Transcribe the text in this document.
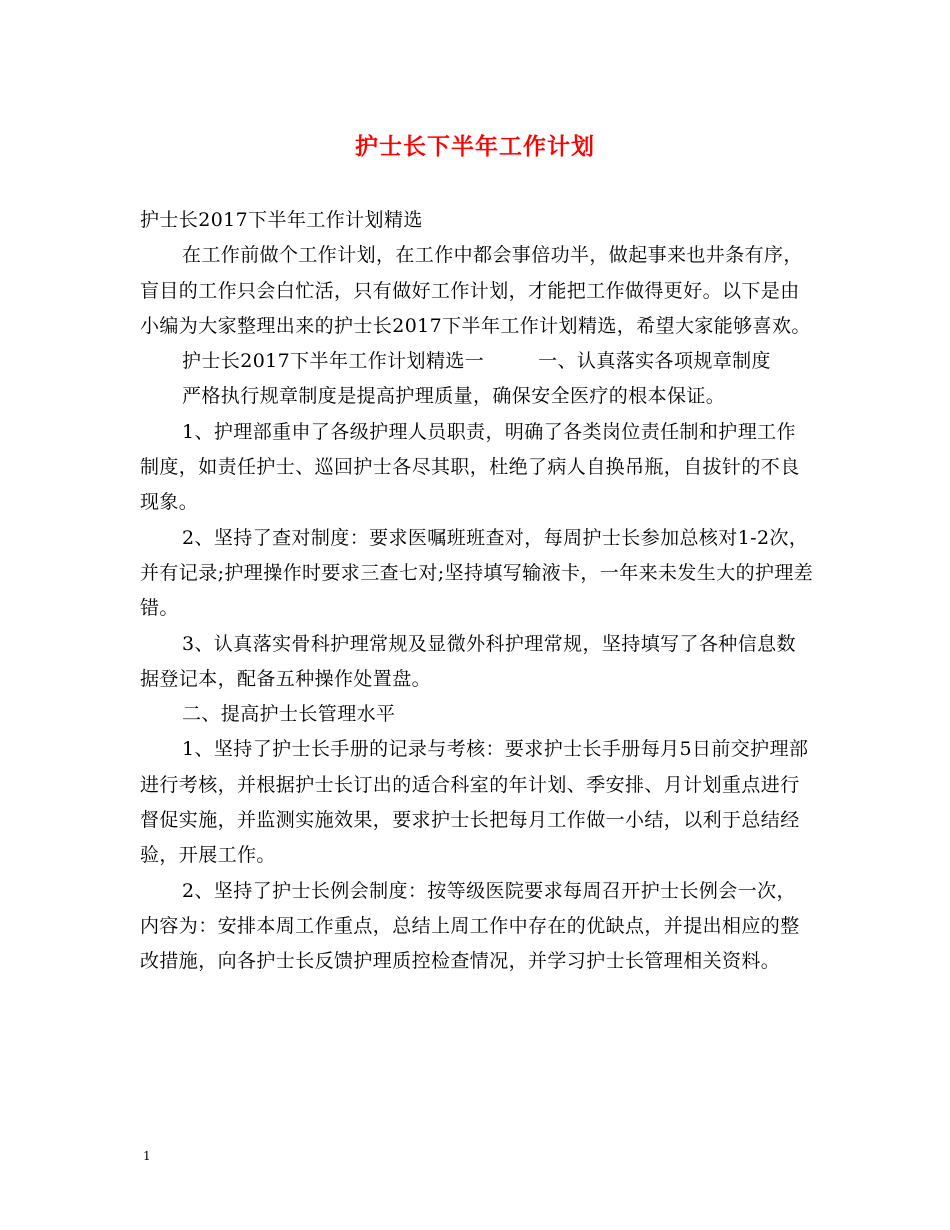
护士长下半年工作计划

护士长2017下半年工作计划精选

在工作前做个工作计划，在工作中都会事倍功半，做起事来也井条有序，盲目的工作只会白忙活，只有做好工作计划，才能把工作做得更好。以下是由小编为大家整理出来的护士长2017下半年工作计划精选，希望大家能够喜欢。

护士长2017下半年工作计划精选一	一、认真落实各项规章制度

严格执行规章制度是提高护理质量，确保安全医疗的根本保证。

1、护理部重申了各级护理人员职责，明确了各类岗位责任制和护理工作制度，如责任护士、巡回护士各尽其职，杜绝了病人自换吊瓶，自拔针的不良现象。

2、坚持了查对制度：要求医嘱班班查对，每周护士长参加总核对1-2次，并有记录;护理操作时要求三查七对;坚持填写输液卡，一年来未发生大的护理差错。

3、认真落实骨科护理常规及显微外科护理常规，坚持填写了各种信息数据登记本，配备五种操作处置盘。

二、提高护士长管理水平

1、坚持了护士长手册的记录与考核：要求护士长手册每月5日前交护理部进行考核，并根据护士长订出的适合科室的年计划、季安排、月计划重点进行督促实施，并监测实施效果，要求护士长把每月工作做一小结，以利于总结经验，开展工作。

2、坚持了护士长例会制度：按等级医院要求每周召开护士长例会一次，内容为：安排本周工作重点，总结上周工作中存在的优缺点，并提出相应的整改措施，向各护士长反馈护理质控检查情况，并学习护士长管理相关资料。

1
